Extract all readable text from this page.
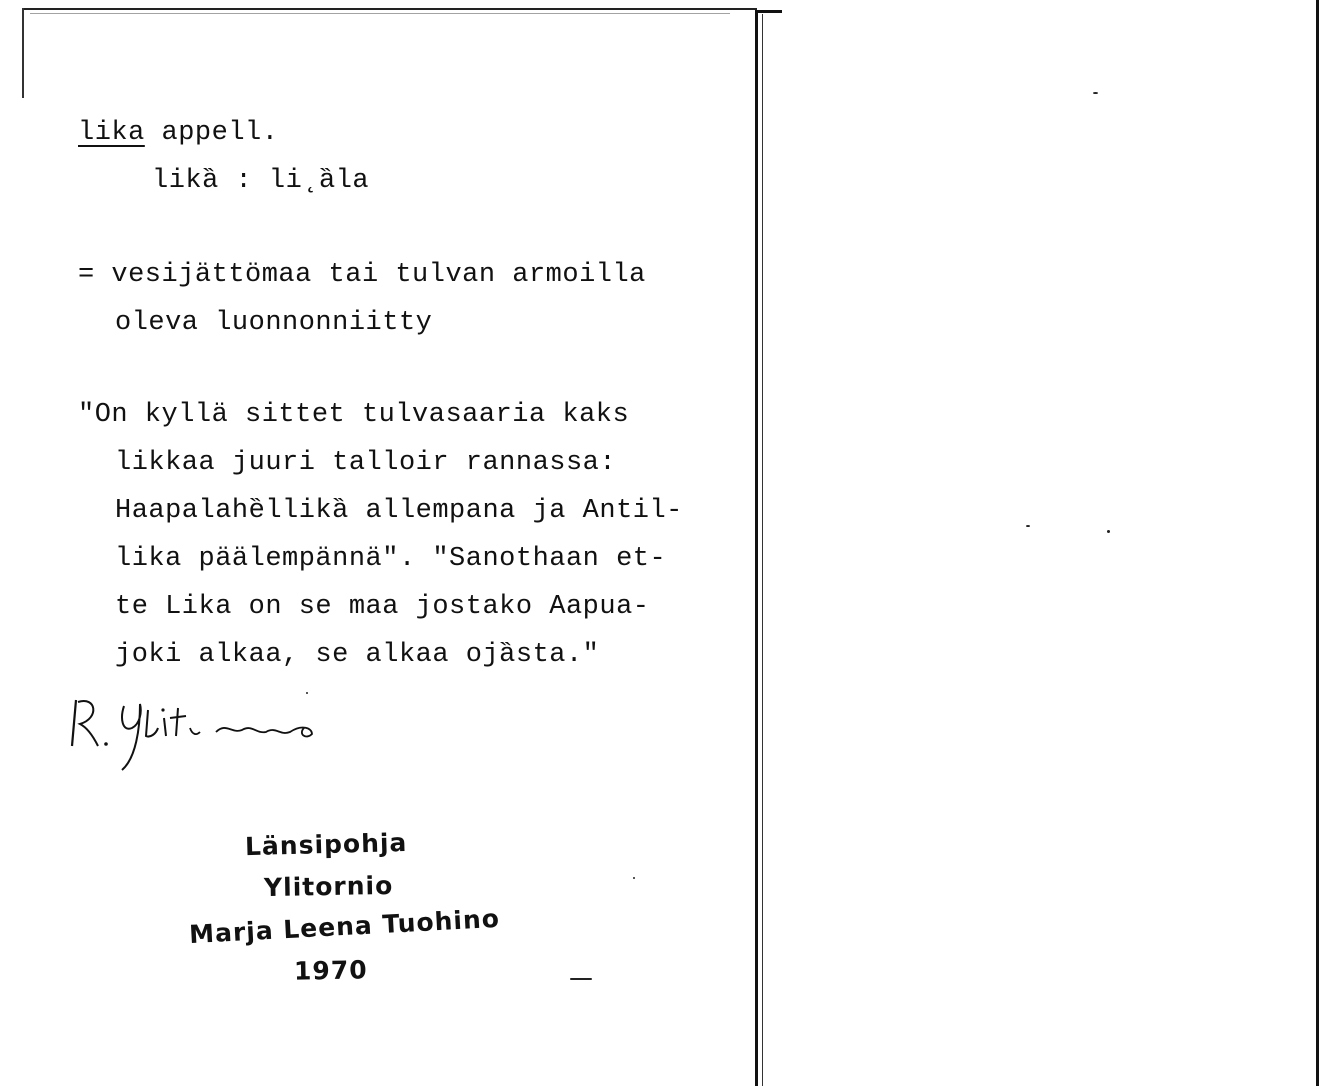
lika appell.
likȁ : li˛ȁla
= vesijättömaa tai tulvan armoilla
oleva luonnonniitty
"On kyllä sittet tulvasaaria kaks
likkaa juuri talloir rannassa:
Haapalahȅllikȁ allempana ja Antil-
lika päälempännä". "Sanothaan et-
te Lika on se maa jostako Aapua-
joki alkaa, se alkaa ojȁsta."
Länsipohja
Ylitornio
Marja Leena Tuohino
1970
